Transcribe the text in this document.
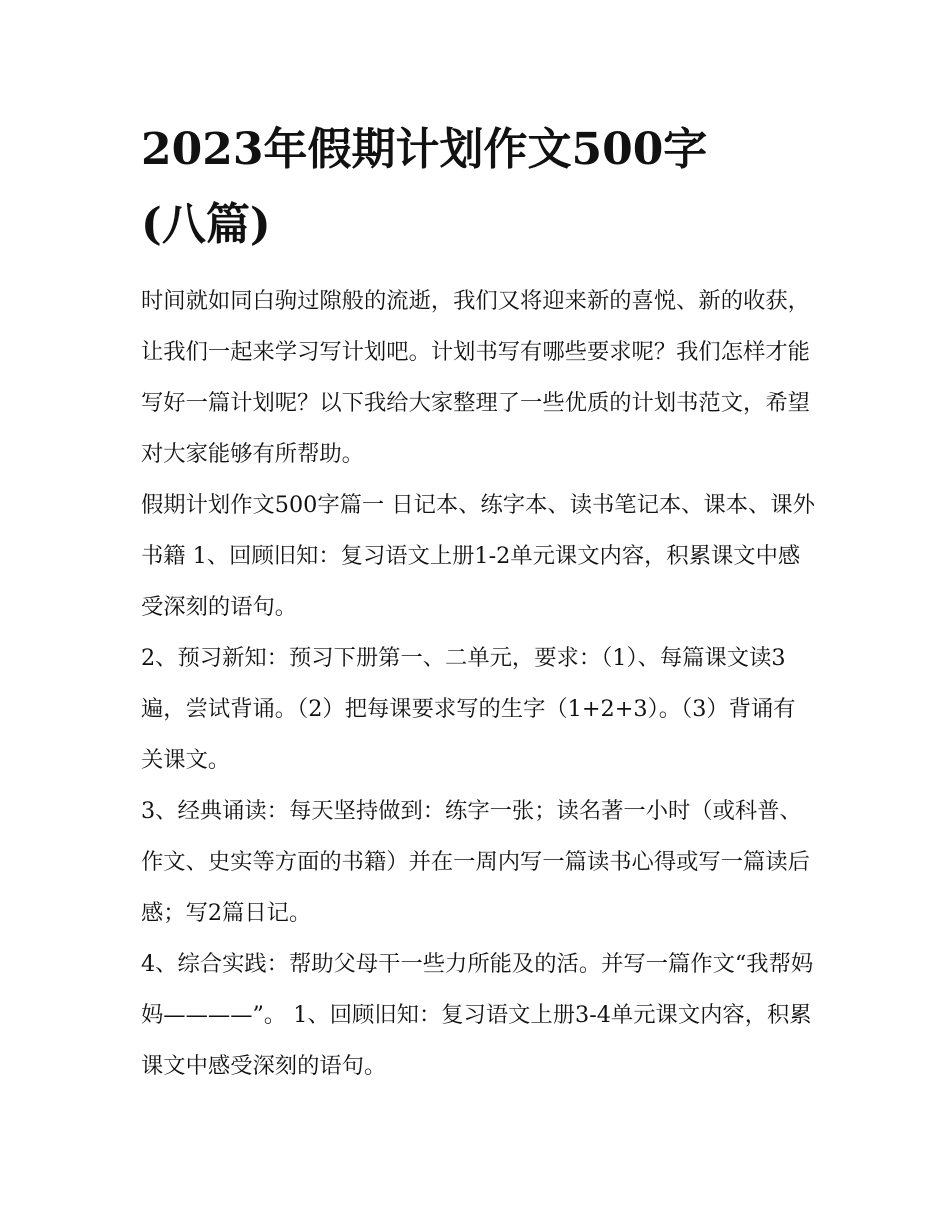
2023年假期计划作文500字
(八篇)

时间就如同白驹过隙般的流逝，我们又将迎来新的喜悦、新的收获，让我们一起来学习写计划吧。计划书写有哪些要求呢？我们怎样才能写好一篇计划呢？以下我给大家整理了一些优质的计划书范文，希望对大家能够有所帮助。

假期计划作文500字篇一 日记本、练字本、读书笔记本、课本、课外书籍 1、回顾旧知：复习语文上册1-2单元课文内容，积累课文中感受深刻的语句。

2、预习新知：预习下册第一、二单元，要求：（1）、每篇课文读3遍，尝试背诵。（2）把每课要求写的生字（1+2+3）。（3）背诵有关课文。

3、经典诵读：每天坚持做到：练字一张；读名著一小时（或科普、作文、史实等方面的书籍）并在一周内写一篇读书心得或写一篇读后感；写2篇日记。

4、综合实践：帮助父母干一些力所能及的活。并写一篇作文“我帮妈妈————”。 1、回顾旧知：复习语文上册3-4单元课文内容，积累课文中感受深刻的语句。
